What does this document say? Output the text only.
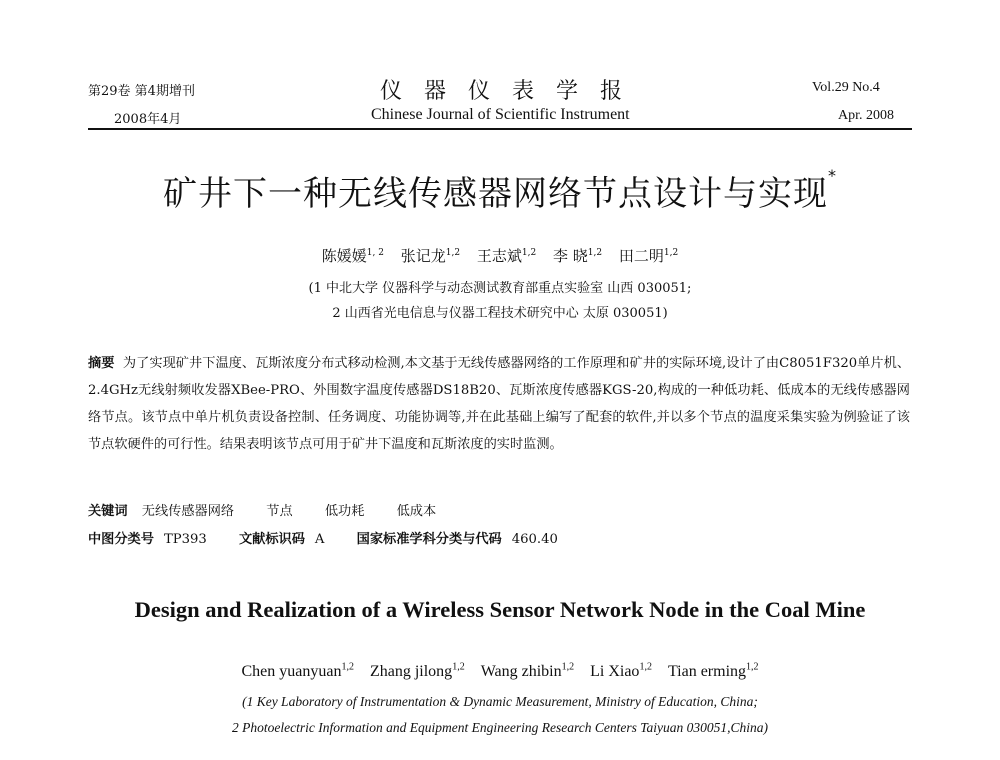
第29卷 第4期增刊
2008年4月
仪器仪表学报
Chinese Journal of Scientific Instrument
Vol.29 No.4
Apr. 2008
矿井下一种无线传感器网络节点设计与实现*
陈媛媛$^{1, 2}$ 张记龙$^{1,2}$ 王志斌$^{1,2}$ 李 晓$^{1,2}$ 田二明$^{1,2}$
(1 中北大学 仪器科学与动态测试教育部重点实验室 山西 030051;
2 山西省光电信息与仪器工程技术研究中心 太原 030051)
摘要 为了实现矿井下温度、瓦斯浓度分布式移动检测,本文基于无线传感器网络的工作原理和矿井的实际环境,设计了由C8051F320单片机、 2.4GHz无线射频收发器XBee-PRO、外围数字温度传感器DS18B20、瓦斯浓度传感器KGS-20,构成的一种低功耗、低成本的无线传感器网络节点。该节点中单片机负责设备控制、任务调度、功能协调等,并在此基础上编写了配套的软件,并以多个节点的温度采集实验为例验证了该节点软硬件的可行性。结果表明该节点可用于矿井下温度和瓦斯浓度的实时监测。
关键词 无线传感器网络 节点 低功耗 低成本
中图分类号 TP393 文献标识码 A 国家标准学科分类与代码 460.40
Design and Realization of a Wireless Sensor Network Node in the Coal Mine
Chen yuanyuan$^{1,2}$ Zhang jilong$^{1,2}$ Wang zhibin$^{1,2}$ Li Xiao$^{1,2}$ Tian erming$^{1,2}$
(1 Key Laboratory of Instrumentation & Dynamic Measurement, Ministry of Education, China;
2 Photoelectric Information and Equipment Engineering Research Centers Taiyuan 030051,China)
